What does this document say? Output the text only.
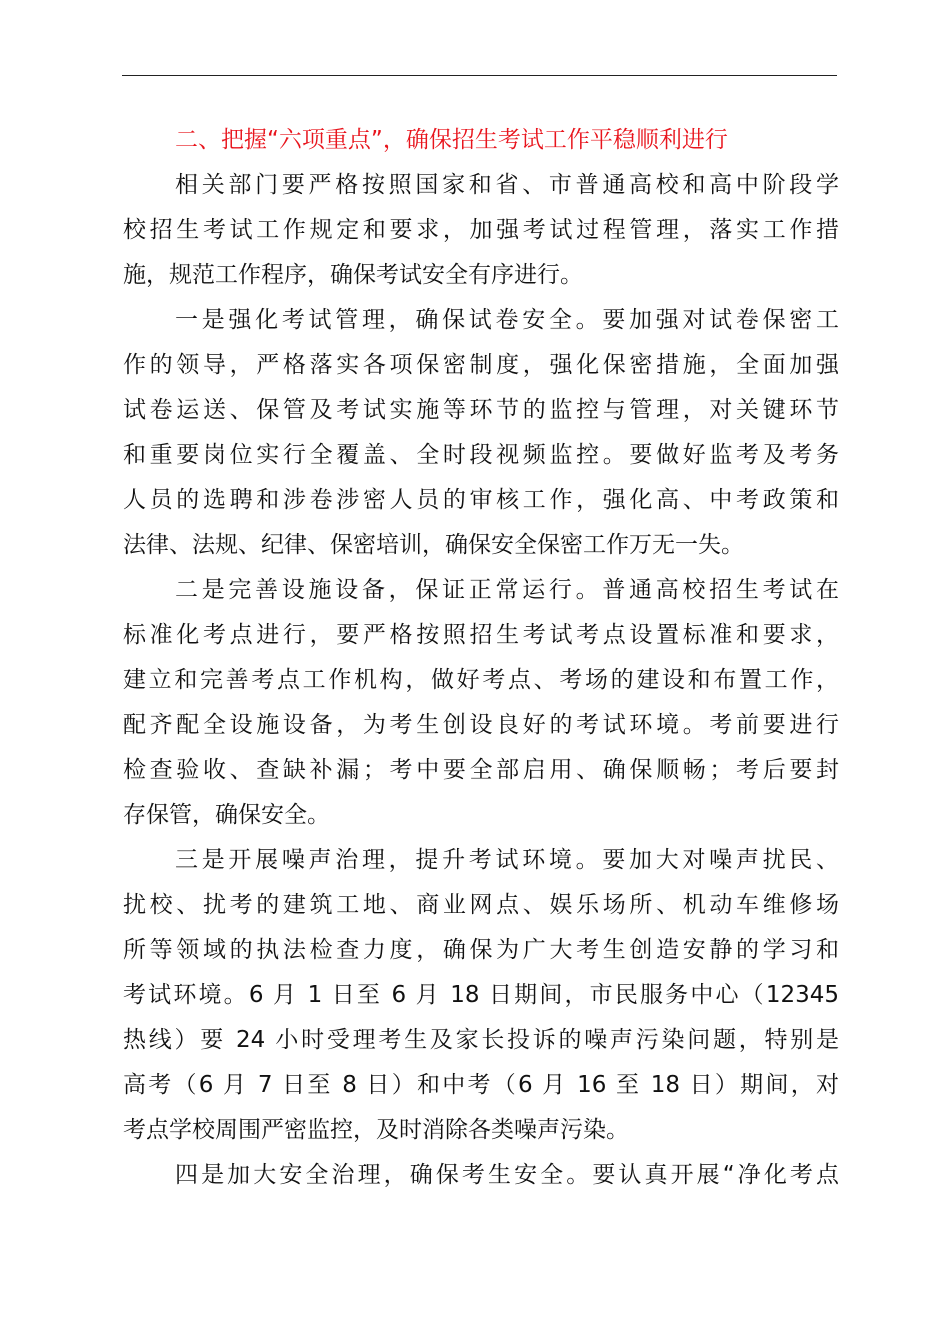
二、把握“六项重点”，确保招生考试工作平稳顺利进行

相关部门要严格按照国家和省、市普通高校和高中阶段学
校招生考试工作规定和要求，加强考试过程管理，落实工作措
施，规范工作程序，确保考试安全有序进行。

一是强化考试管理，确保试卷安全。要加强对试卷保密工
作的领导，严格落实各项保密制度，强化保密措施，全面加强
试卷运送、保管及考试实施等环节的监控与管理，对关键环节
和重要岗位实行全覆盖、全时段视频监控。要做好监考及考务
人员的选聘和涉卷涉密人员的审核工作，强化高、中考政策和
法律、法规、纪律、保密培训，确保安全保密工作万无一失。

二是完善设施设备，保证正常运行。普通高校招生考试在
标准化考点进行，要严格按照招生考试考点设置标准和要求，
建立和完善考点工作机构，做好考点、考场的建设和布置工作，
配齐配全设施设备，为考生创设良好的考试环境。考前要进行
检查验收、查缺补漏；考中要全部启用、确保顺畅；考后要封
存保管，确保安全。

三是开展噪声治理，提升考试环境。要加大对噪声扰民、
扰校、扰考的建筑工地、商业网点、娱乐场所、机动车维修场
所等领域的执法检查力度，确保为广大考生创造安静的学习和
考试环境。6 月 1 日至 6 月 18 日期间，市民服务中心（12345
热线）要 24 小时受理考生及家长投诉的噪声污染问题，特别是
高考（6 月 7 日至 8 日）和中考（6 月 16 至 18 日）期间，对
考点学校周围严密监控，及时消除各类噪声污染。

四是加大安全治理，确保考生安全。要认真开展“净化考点
